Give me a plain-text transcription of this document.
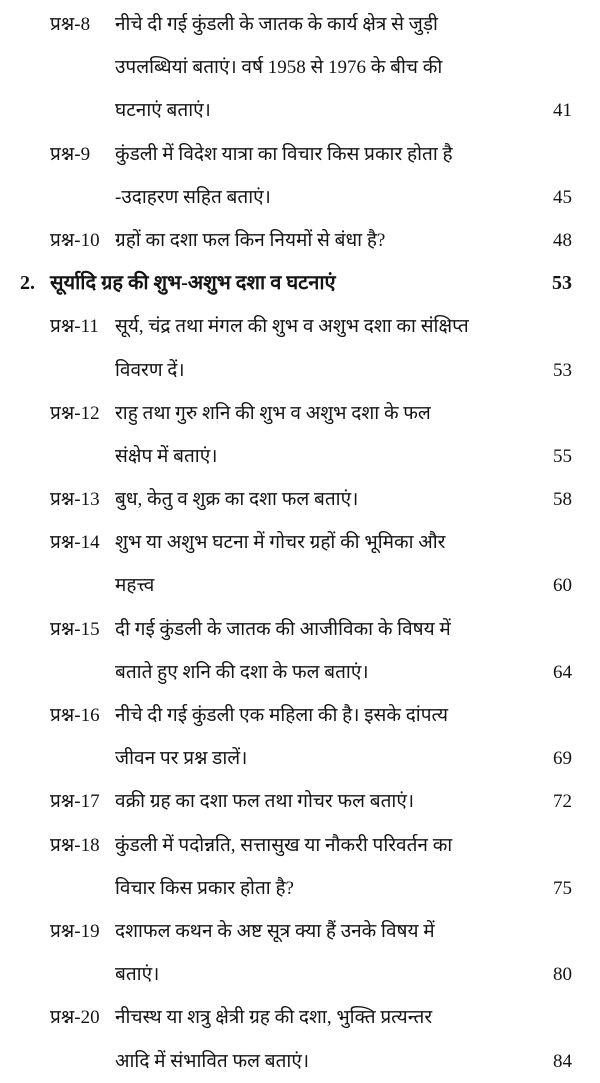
प्रश्न-8 नीचे दी गई कुंडली के जातक के कार्य क्षेत्र से जुड़ी
उपलब्धियां बताएं। वर्ष 1958 से 1976 के बीच की
घटनाएं बताएं।	41
प्रश्न-9 कुंडली में विदेश यात्रा का विचार किस प्रकार होता है
-उदाहरण सहित बताएं।	45
प्रश्न-10 ग्रहों का दशा फल किन नियमों से बंधा है?	48
2. सूर्यादि ग्रह की शुभ-अशुभ दशा व घटनाएं	53
प्रश्न-11 सूर्य, चंद्र तथा मंगल की शुभ व अशुभ दशा का संक्षिप्त
विवरण दें।	53
प्रश्न-12 राहु तथा गुरु शनि की शुभ व अशुभ दशा के फल
संक्षेप में बताएं।	55
प्रश्न-13 बुध, केतु व शुक्र का दशा फल बताएं।	58
प्रश्न-14 शुभ या अशुभ घटना में गोचर ग्रहों की भूमिका और
महत्त्व	60
प्रश्न-15 दी गई कुंडली के जातक की आजीविका के विषय में
बताते हुए शनि की दशा के फल बताएं।	64
प्रश्न-16 नीचे दी गई कुंडली एक महिला की है। इसके दांपत्य
जीवन पर प्रश्न डालें।	69
प्रश्न-17 वक्री ग्रह का दशा फल तथा गोचर फल बताएं।	72
प्रश्न-18 कुंडली में पदोन्नति, सत्तासुख या नौकरी परिवर्तन का
विचार किस प्रकार होता है?	75
प्रश्न-19 दशाफल कथन के अष्ट सूत्र क्या हैं उनके विषय में
बताएं।	80
प्रश्न-20 नीचस्थ या शत्रु क्षेत्री ग्रह की दशा, भुक्ति प्रत्यन्तर
आदि में संभावित फल बताएं।	84
